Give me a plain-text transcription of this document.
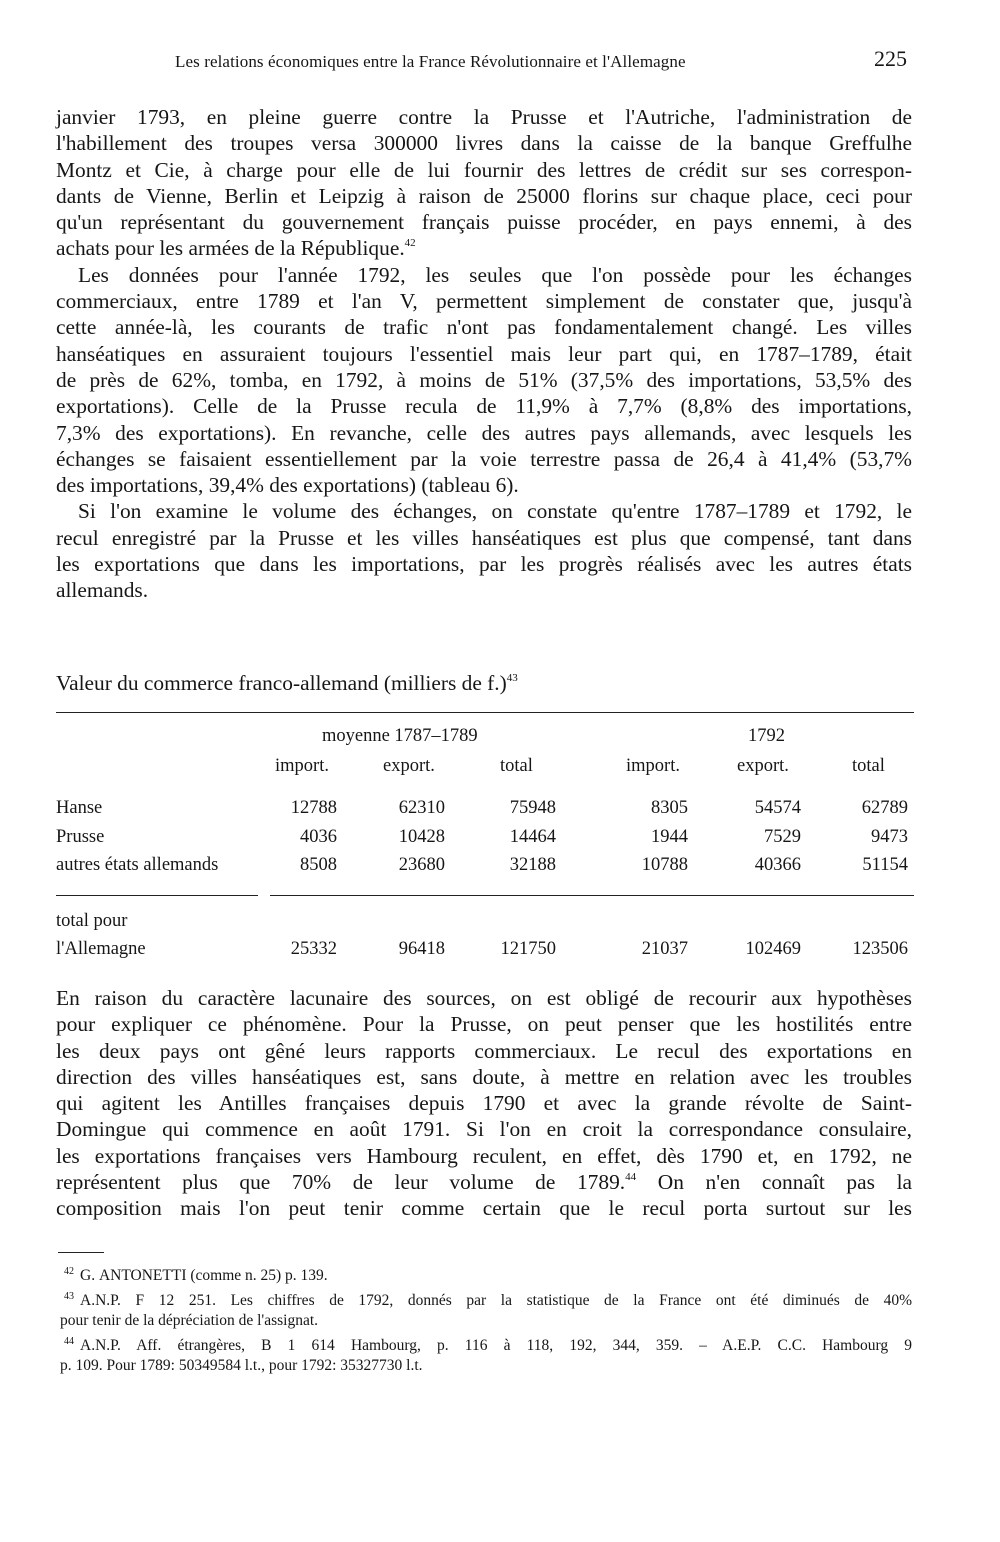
Les relations économiques entre la France Révolutionnaire et l'Allemagne	225

janvier 1793, en pleine guerre contre la Prusse et l'Autriche, l'administration de
l'habillement des troupes versa 300000 livres dans la caisse de la banque Greffulhe
Montz et Cie, à charge pour elle de lui fournir des lettres de crédit sur ses correspon-
dants de Vienne, Berlin et Leipzig à raison de 25000 florins sur chaque place, ceci pour
qu'un représentant du gouvernement français puisse procéder, en pays ennemi, à des
achats pour les armées de la République.$^{42}$

Les données pour l'année 1792, les seules que l'on possède pour les échanges
commerciaux, entre 1789 et l'an V, permettent simplement de constater que, jusqu'à
cette année-là, les courants de trafic n'ont pas fondamentalement changé. Les villes
hanséatiques en assuraient toujours l'essentiel mais leur part qui, en 1787–1789, était
de près de 62%, tomba, en 1792, à moins de 51% (37,5% des importations, 53,5% des
exportations). Celle de la Prusse recula de 11,9% à 7,7% (8,8% des importations,
7,3% des exportations). En revanche, celle des autres pays allemands, avec lesquels les
échanges se faisaient essentiellement par la voie terrestre passa de 26,4 à 41,4% (53,7%
des importations, 39,4% des exportations) (tableau 6).

Si l'on examine le volume des échanges, on constate qu'entre 1787–1789 et 1792, le
recul enregistré par la Prusse et les villes hanséatiques est plus que compensé, tant dans
les exportations que dans les importations, par les progrès réalisés avec les autres états
allemands.

Valeur du commerce franco-allemand (milliers de f.)$^{43}$
moyenne 1787–1789	1792
import.	export.	total	import.	export.	total
Hanse	12788	62310	75948	8305	54574	62789
Prusse	4036	10428	14464	1944	7529	9473
autres états allemands	8508	23680	32188	10788	40366	51154
total pour
l'Allemagne	25332	96418	121750	21037	102469	123506

En raison du caractère lacunaire des sources, on est obligé de recourir aux hypothèses
pour expliquer ce phénomène. Pour la Prusse, on peut penser que les hostilités entre
les deux pays ont gêné leurs rapports commerciaux. Le recul des exportations en
direction des villes hanséatiques est, sans doute, à mettre en relation avec les troubles
qui agitent les Antilles françaises depuis 1790 et avec la grande révolte de Saint-
Domingue qui commence en août 1791. Si l'on en croit la correspondance consulaire,
les exportations françaises vers Hambourg reculent, en effet, dès 1790 et, en 1792, ne
représentent plus que 70% de leur volume de 1789.44 On n'en connaît pas la
composition mais l'on peut tenir comme certain que le recul porta surtout sur les

$^{42}$ G. ANTONETTI (comme n. 25) p. 139.

$^{43}$ A.N.P. F 12 251. Les chiffres de 1792, donnés par la statistique de la France ont été diminués de 40%
pour tenir de la dépréciation de l'assignat.

$^{44}$ A.N.P. Aff. étrangères, B 1 614 Hambourg, p. 116 à 118, 192, 344, 359. – A.E.P. C.C. Hambourg 9
p. 109. Pour 1789: 50349584 l.t., pour 1792: 35327730 l.t.
